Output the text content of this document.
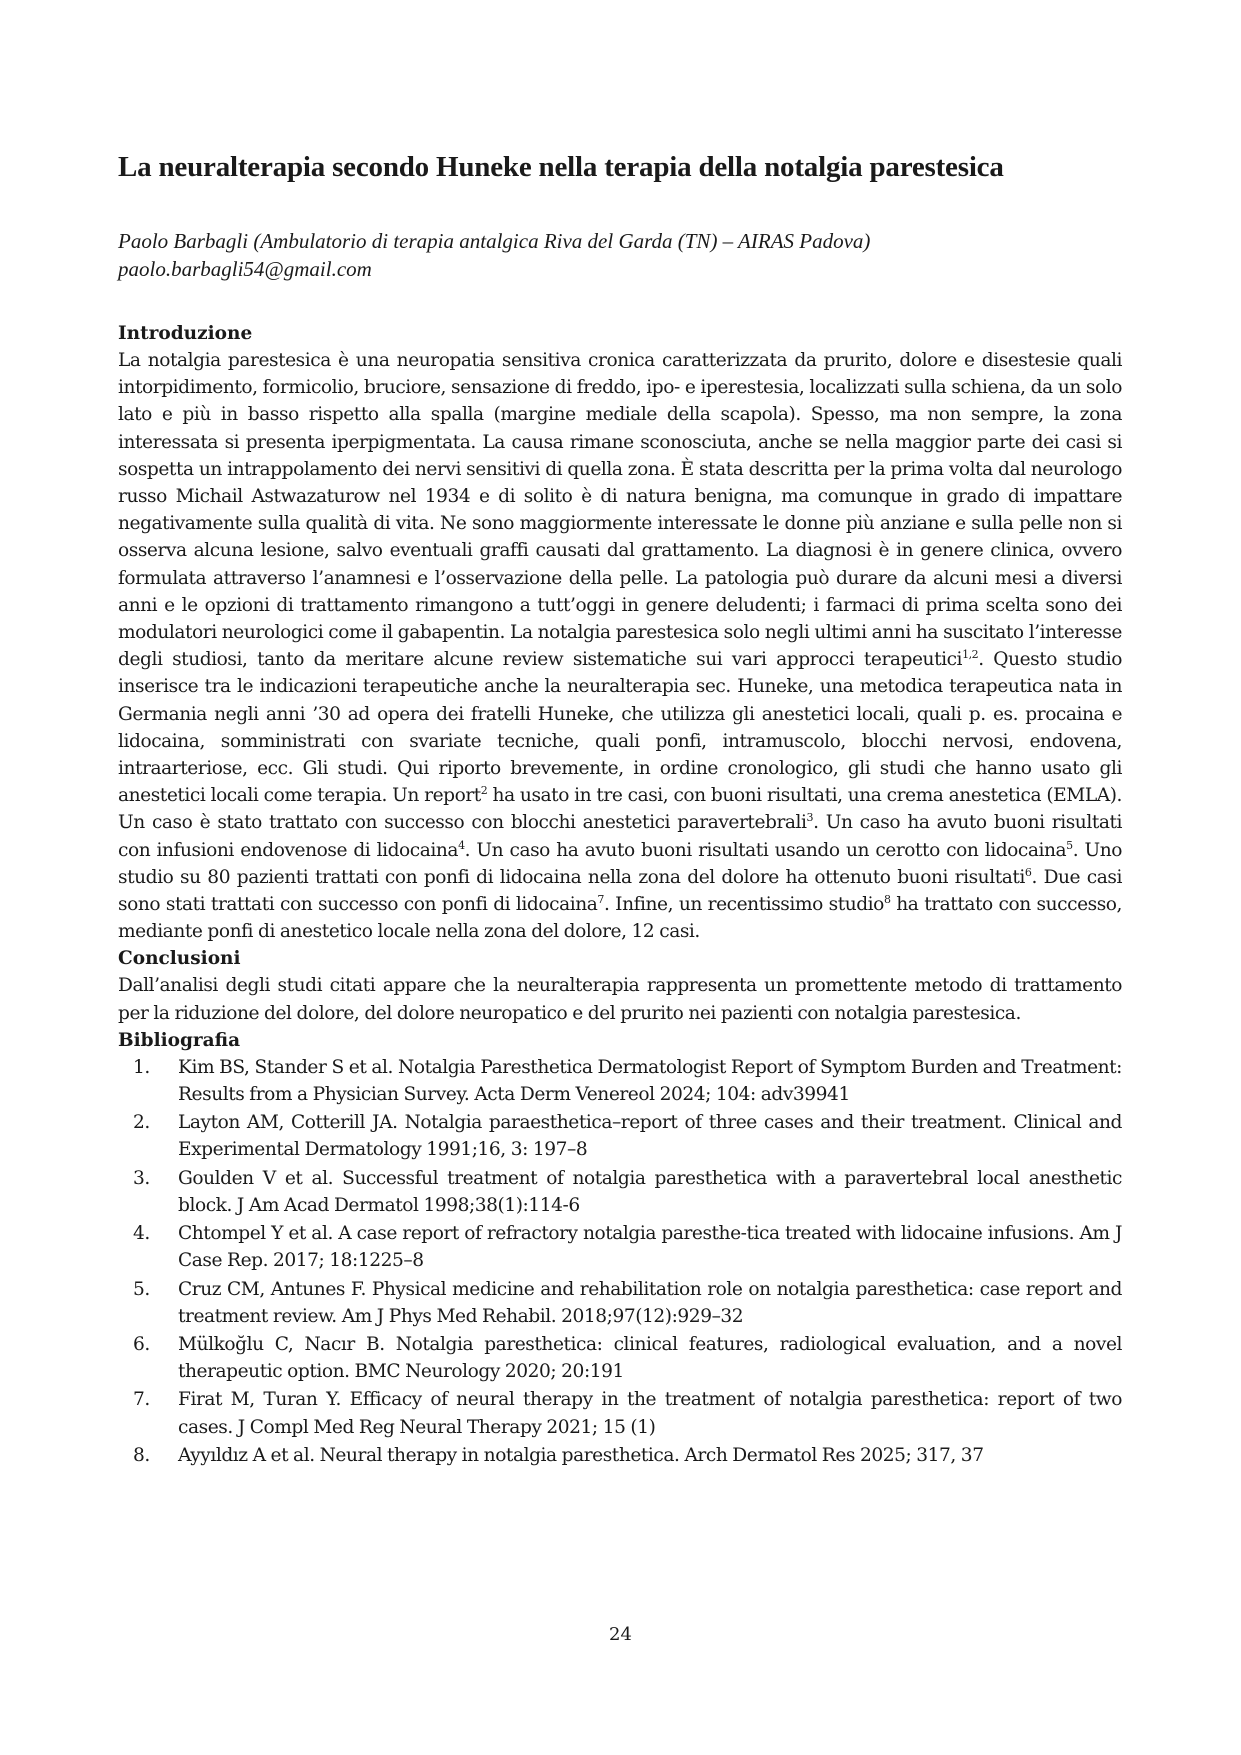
La neuralterapia secondo Huneke nella terapia della notalgia parestesica
Paolo Barbagli (Ambulatorio di terapia antalgica Riva del Garda (TN) – AIRAS Padova)
paolo.barbagli54@gmail.com
Introduzione

La notalgia parestesica è una neuropatia sensitiva cronica caratterizzata da prurito, dolore e disestesie quali intorpidimento, formicolio, bruciore, sensazione di freddo, ipo- e iperestesia, localizzati sulla schiena, da un solo lato e più in basso rispetto alla spalla (margine mediale della scapola). Spesso, ma non sempre, la zona interessata si presenta iperpigmentata. La causa rimane sconosciuta, anche se nella maggior parte dei casi si sospetta un intrappolamento dei nervi sensitivi di quella zona. È stata descritta per la prima volta dal neurologo russo Michail Astwazaturow nel 1934 e di solito è di natura benigna, ma comunque in grado di impattare negativamente sulla qualità di vita. Ne sono maggiormente interessate le donne più anziane e sulla pelle non si osserva alcuna lesione, salvo eventuali graffi causati dal grattamento. La diagnosi è in genere clinica, ovvero formulata attraverso l’anamnesi e l’osservazione della pelle. La patologia può durare da alcuni mesi a diversi anni e le opzioni di trattamento rimangono a tutt’oggi in genere deludenti; i farmaci di prima scelta sono dei modulatori neurologici come il gabapentin. La notalgia parestesica solo negli ultimi anni ha suscitato l’interesse degli studiosi, tanto da meritare alcune review sistematiche sui vari approcci terapeutici$^{1,2}$. Questo studio inserisce tra le indicazioni terapeutiche anche la neuralterapia sec. Huneke, una metodica terapeutica nata in Germania negli anni ’30 ad opera dei fratelli Huneke, che utilizza gli anestetici locali, quali p. es. procaina e lidocaina, somministrati con svariate tecniche, quali ponfi, intramuscolo, blocchi nervosi, endovena, intraarteriose, ecc. Gli studi. Qui riporto brevemente, in ordine cronologico, gli studi che hanno usato gli anestetici locali come terapia. Un report$^2$ ha usato in tre casi, con buoni risultati, una crema anestetica (EMLA). Un caso è stato trattato con successo con blocchi anestetici paravertebrali$^3$. Un caso ha avuto buoni risultati con infusioni endovenose di lidocaina$^4$. Un caso ha avuto buoni risultati usando un cerotto con lidocaina$^5$. Uno studio su 80 pazienti trattati con ponfi di lidocaina nella zona del dolore ha ottenuto buoni risultati$^6$. Due casi sono stati trattati con successo con ponfi di lidocaina$^7$. Infine, un recentissimo studio$^8$ ha trattato con successo, mediante ponfi di anestetico locale nella zona del dolore, 12 casi.

Conclusioni

Dall’analisi degli studi citati appare che la neuralterapia rappresenta un promettente metodo di trattamento per la riduzione del dolore, del dolore neuropatico e del prurito nei pazienti con notalgia parestesica.

Bibliografia
1.	Kim BS, Stander S et al. Notalgia Paresthetica Dermatologist Report of Symptom Burden and Treatment: Results from a Physician Survey. Acta Derm Venereol 2024; 104: adv39941
2.	Layton AM, Cotterill JA. Notalgia paraesthetica–report of three cases and their treatment. Clinical and Experimental Dermatology 1991;16, 3: 197–8
3.	Goulden V et al. Successful treatment of notalgia paresthetica with a paravertebral local anesthetic block. J Am Acad Dermatol 1998;38(1):114-6
4.	Chtompel Y et al. A case report of refractory notalgia paresthe-tica treated with lidocaine infusions. Am J Case Rep. 2017; 18:1225–8
5.	Cruz CM, Antunes F. Physical medicine and rehabilitation role on notalgia paresthetica: case report and treatment review. Am J Phys Med Rehabil. 2018;97(12):929–32
6.	Mülkoğlu C, Nacır B. Notalgia paresthetica: clinical features, radiological evaluation, and a novel therapeutic option. BMC Neurology 2020; 20:191
7.	Firat M, Turan Y. Efficacy of neural therapy in the treatment of notalgia paresthetica: report of two cases. J Compl Med Reg Neural Therapy 2021; 15 (1)
8.	Ayyıldız A et al. Neural therapy in notalgia paresthetica. Arch Dermatol Res 2025; 317, 37
24
